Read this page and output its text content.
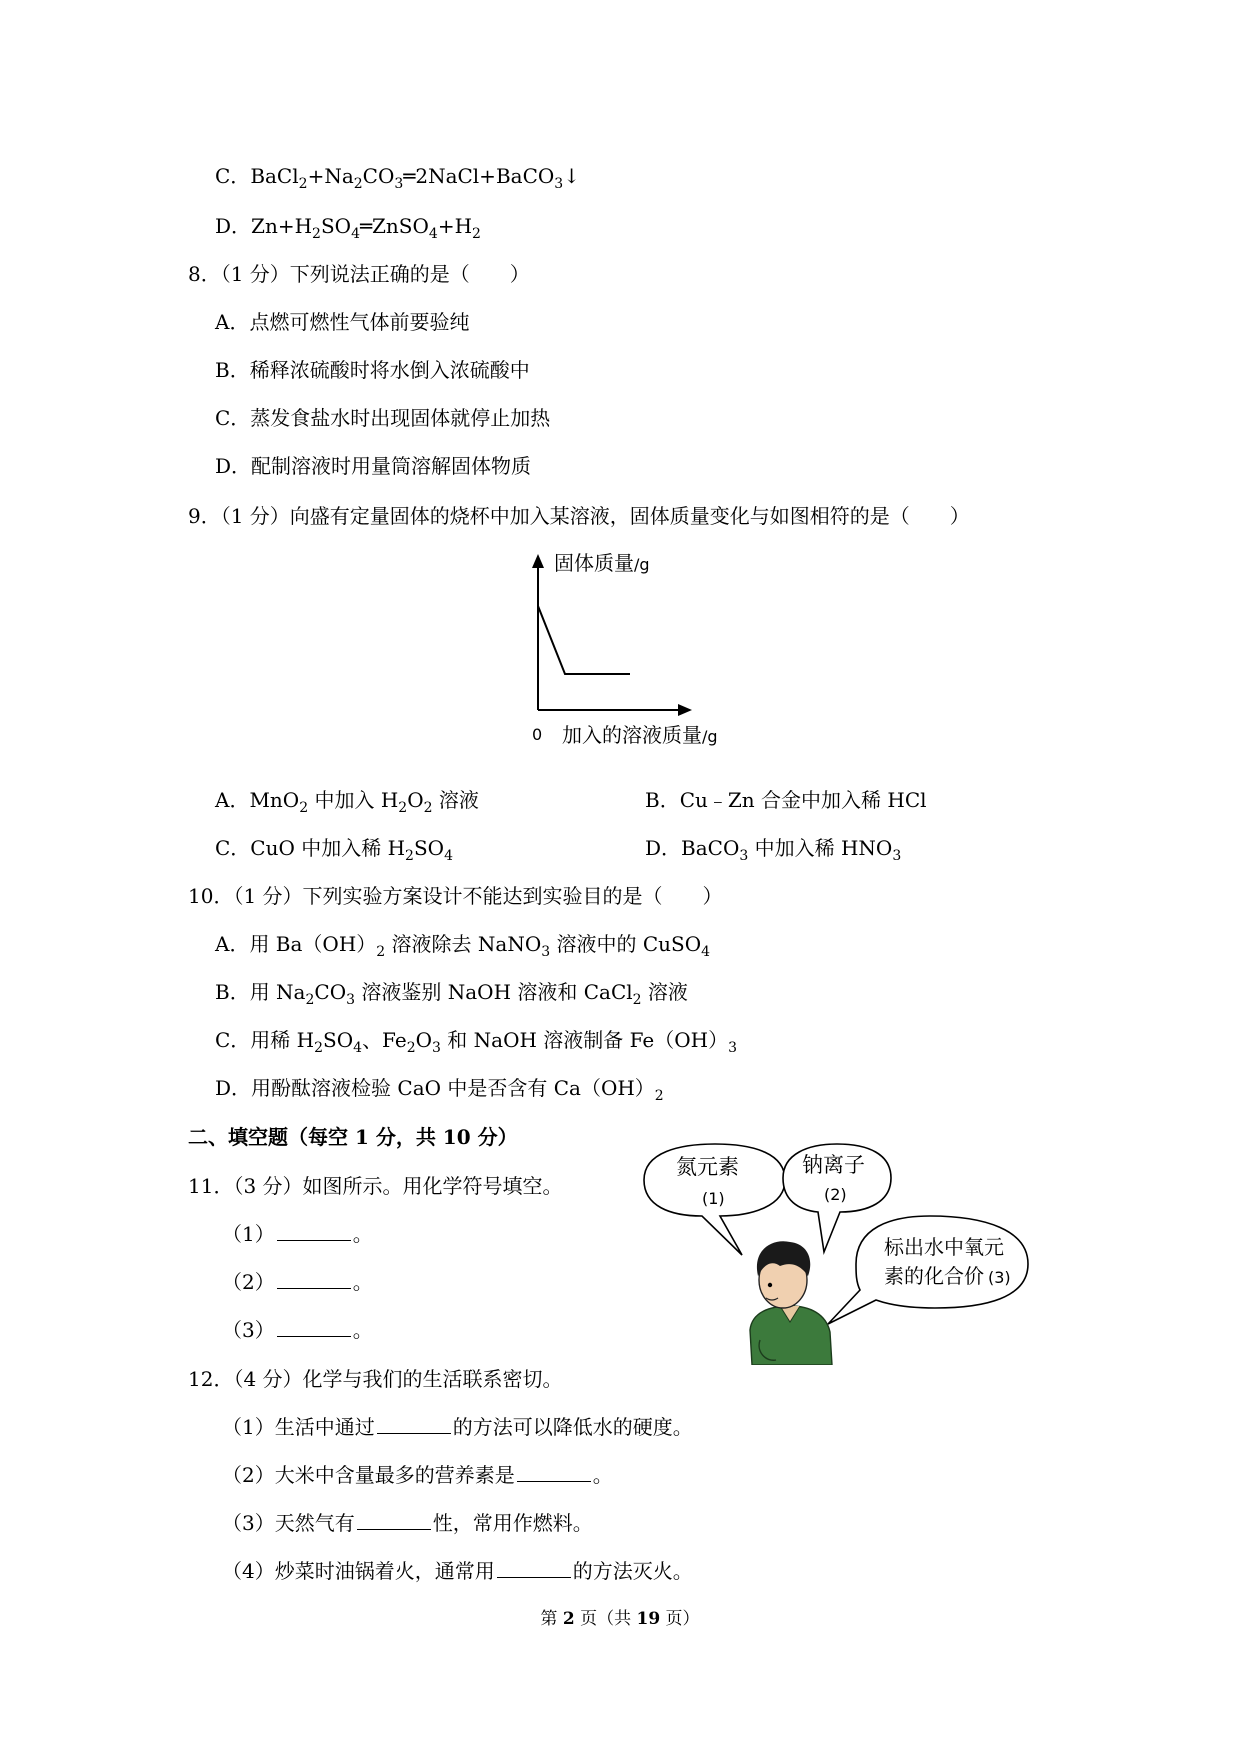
C．$BaCl_2+Na_2CO_3═2NaCl+BaCO_3↓$
D．$Zn+H_2SO_4═ZnSO_4+H_2$
8．（1 分）下列说法正确的是（　　）
A．点燃可燃性气体前要验纯
B．稀释浓硫酸时将水倒入浓硫酸中
C．蒸发食盐水时出现固体就停止加热
D．配制溶液时用量筒溶解固体物质
9．（1 分）向盛有定量固体的烧杯中加入某溶液，固体质量变化与如图相符的是（　　）
固体质量/g
0 加入的溶液质量/g
A．MnO$_2$ 中加入 $H_2O_2$ 溶液	B．Cu﹣Zn 合金中加入稀 HCl
C．CuO 中加入稀 $H_2SO_4$	D．BaCO$_3$ 中加入稀 $HNO_3$
10．（1 分）下列实验方案设计不能达到实验目的是（　　）
A．用 $Ba(OH)_2$ 溶液除去 NaNO$_3$ 溶液中的 CuSO$_4$
B．用 $Na_2CO_3$ 溶液鉴别 NaOH 溶液和 CaCl$_2$ 溶液
C．用稀 $H_2SO_4$、$Fe_2O_3$ 和 NaOH 溶液制备 $Fe(OH)_3$
D．用酚酞溶液检验 CaO 中是否含有 $Ca(OH)_2$
二、填空题（每空 1 分，共 10 分）
11．（3 分）如图所示。用化学符号填空。
（1）	。
（2）	。
（3）	。
氮元素
(1)
钠离子
(2)
标出水中氧元
素的化合价 (3)
12．（4 分）化学与我们的生活联系密切。
（1）生活中通过	的方法可以降低水的硬度。
（2）大米中含量最多的营养素是	。
（3）天然气有	性，常用作燃料。
（4）炒菜时油锅着火，通常用	的方法灭火。
第 2 页（共 19 页）
